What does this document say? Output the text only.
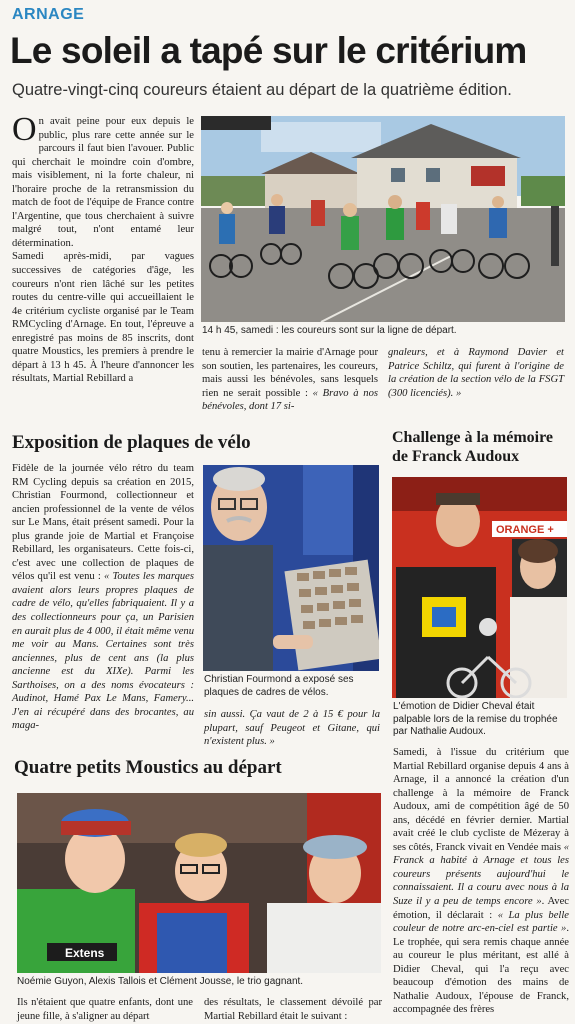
ARNAGE
Le soleil a tapé sur le critérium
Quatre-vingt-cinq coureurs étaient au départ de la quatrième édition.

On avait peine pour eux depuis le public, plus rare cette année sur le parcours il faut bien l'avouer. Public qui cherchait le moindre coin d'ombre, mais visiblement, ni la forte chaleur, ni l'horaire proche de la retransmission du match de foot de l'équipe de France contre l'Argentine, que tous cherchaient à suivre malgré tout, n'ont entamé leur détermination.

Samedi après-midi, par vagues successives de catégories d'âge, les coureurs n'ont rien lâché sur les petites routes du centre-ville qui accueillaient le 4e critérium cycliste organisé par le Team RMCycling d'Arnage. En tout, l'épreuve a enregistré pas moins de 85 inscrits, dont quatre Moustics, les premiers à prendre le départ à 13 h 45. À l'heure d'annoncer les résultats, Martial Rebillard a

14 h 45, samedi : les coureurs sont sur la ligne de départ.

tenu à remercier la mairie d'Arnage pour son soutien, les partenaires, les coureurs, mais aussi les bénévoles, sans lesquels rien ne serait possible : « Bravo à nos bénévoles, dont 17 si-

gnaleurs, et à Raymond Davier et Patrice Schiltz, qui furent à l'origine de la création de la section vélo de la FSGT (300 licenciés). »

Exposition de plaques de vélo

Fidèle de la journée vélo rétro du team RM Cycling depuis sa création en 2015, Christian Fourmond, collectionneur et ancien professionnel de la vente de vélos sur Le Mans, était présent samedi. Pour la plus grande joie de Martial et Françoise Rebillard, les organisateurs. Cette fois-ci, c'est avec une collection de plaques de vélos qu'il est venu : « Toutes les marques avaient alors leurs propres plaques de cadre de vélo, qu'elles fabriquaient. Il y a des collectionneurs pour ça, un Parisien en aurait plus de 4 000, il était même venu me voir au Mans. Certaines sont très anciennes, plus de cent ans (la plus ancienne est du XIXe). Parmi les Sarthoises, on a des noms évocateurs : Audinot, Hamé Pax Le Mans, Famery... J'en ai récupéré dans des brocantes, au maga-

Christian Fourmond a exposé ses plaques de cadres de vélos.

sin aussi. Ça vaut de 2 à 15 € pour la plupart, sauf Peugeot et Gitane, qui n'existent plus. »

Challenge à la mémoire de Franck Audoux
ORANGE +
L'émotion de Didier Cheval était palpable lors de la remise du trophée par Nathalie Audoux.

Samedi, à l'issue du critérium que Martial Rebillard organise depuis 4 ans à Arnage, il a annoncé la création d'un challenge à la mémoire de Franck Audoux, ami de compétition âgé de 50 ans, décédé en février dernier. Martial avait créé le club cycliste de Mézeray à ses côtés, Franck vivait en Vendée mais « Franck a habité à Arnage et tous les coureurs présents aujourd'hui le connaissaient. Il a couru avec nous à la Suze il y a peu de temps encore ». Avec émotion, il déclarait : « La plus belle couleur de notre arc-en-ciel est partie ». Le trophée, qui sera remis chaque année au coureur le plus méritant, est allé à Didier Cheval, qui l'a reçu avec beaucoup d'émotion des mains de Nathalie Audoux, l'épouse de Franck, accompagnée des frères

Quatre petits Moustics au départ
Extens
Noémie Guyon, Alexis Tallois et Clément Jousse, le trio gagnant.

Ils n'étaient que quatre enfants, dont une jeune fille, à s'aligner au départ

des résultats, le classement dévoilé par Martial Rebillard était le suivant :
